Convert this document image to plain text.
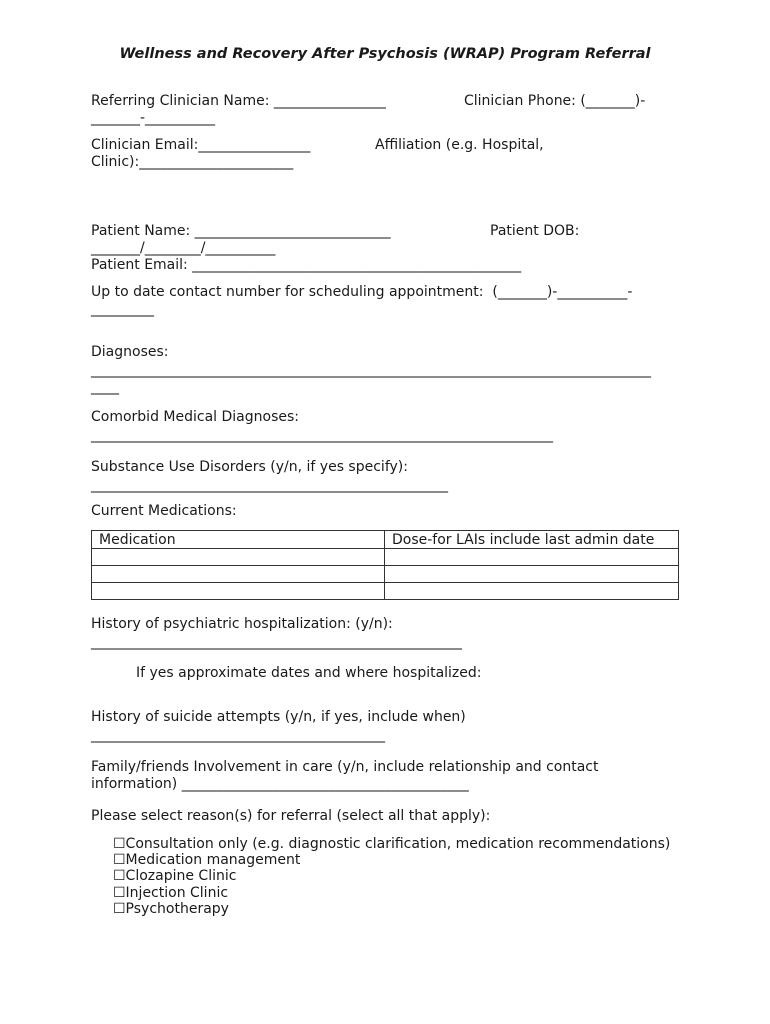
Wellness and Recovery After Psychosis (WRAP) Program Referral
Referring Clinician Name: ________________	Clinician Phone: (_______)-
_______-__________
Clinician Email:________________	Affiliation (e.g. Hospital,
Clinic):______________________
Patient Name: ____________________________	Patient DOB:
_______/________/__________
Patient Email: _______________________________________________
Up to date contact number for scheduling appointment:  (_______)-__________-
_________
Diagnoses:
________________________________________________________________________________
____
Comorbid Medical Diagnoses:
__________________________________________________________________
Substance Use Disorders (y/n, if yes specify):
___________________________________________________
Current Medications:
Medication	Dose-for LAIs include last admin date

History of psychiatric hospitalization: (y/n):
_____________________________________________________
If yes approximate dates and where hospitalized:
History of suicide attempts (y/n, if yes, include when)
__________________________________________
Family/friends Involvement in care (y/n, include relationship and contact
information) _________________________________________
Please select reason(s) for referral (select all that apply):
☐Consultation only (e.g. diagnostic clarification, medication recommendations)
☐Medication management
☐Clozapine Clinic
☐Injection Clinic
☐Psychotherapy
